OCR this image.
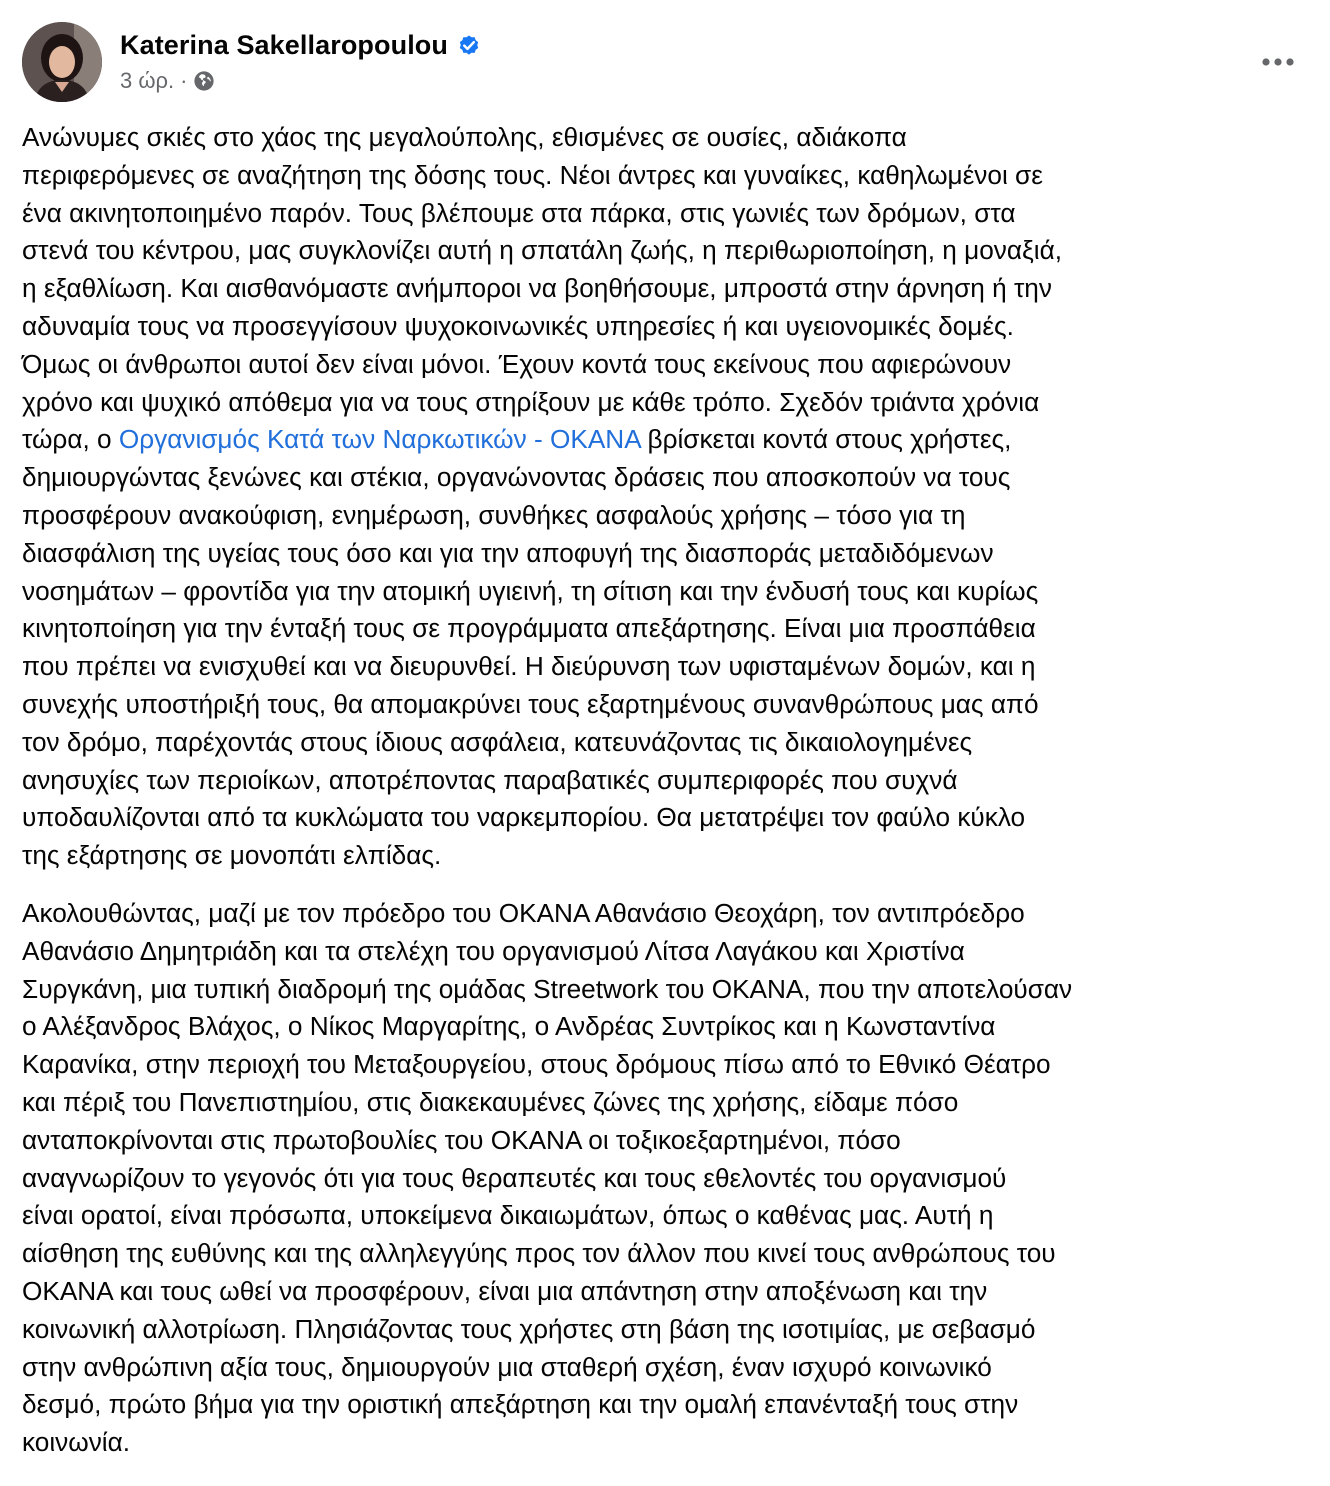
Katerina Sakellaropoulou
3 ώρ. ·
Ανώνυμες σκιές στο χάος της μεγαλούπολης, εθισμένες σε ουσίες, αδιάκοπα
περιφερόμενες σε αναζήτηση της δόσης τους. Νέοι άντρες και γυναίκες, καθηλωμένοι σε
ένα ακινητοποιημένο παρόν. Τους βλέπουμε στα πάρκα, στις γωνιές των δρόμων, στα
στενά του κέντρου, μας συγκλονίζει αυτή η σπατάλη ζωής, η περιθωριοποίηση, η μοναξιά,
η εξαθλίωση. Και αισθανόμαστε ανήμποροι να βοηθήσουμε, μπροστά στην άρνηση ή την
αδυναμία τους να προσεγγίσουν ψυχοκοινωνικές υπηρεσίες ή και υγειονομικές δομές.
Όμως οι άνθρωποι αυτοί δεν είναι μόνοι. Έχουν κοντά τους εκείνους που αφιερώνουν
χρόνο και ψυχικό απόθεμα για να τους στηρίξουν με κάθε τρόπο. Σχεδόν τριάντα χρόνια
τώρα, ο Οργανισμός Κατά των Ναρκωτικών - ΟΚΑΝΑ βρίσκεται κοντά στους χρήστες,
δημιουργώντας ξενώνες και στέκια, οργανώνοντας δράσεις που αποσκοπούν να τους
προσφέρουν ανακούφιση, ενημέρωση, συνθήκες ασφαλούς χρήσης – τόσο για τη
διασφάλιση της υγείας τους όσο και για την αποφυγή της διασποράς μεταδιδόμενων
νοσημάτων – φροντίδα για την ατομική υγιεινή, τη σίτιση και την ένδυσή τους και κυρίως
κινητοποίηση για την ένταξή τους σε προγράμματα απεξάρτησης. Είναι μια προσπάθεια
που πρέπει να ενισχυθεί και να διευρυνθεί. Η διεύρυνση των υφισταμένων δομών, και η
συνεχής υποστήριξή τους, θα απομακρύνει τους εξαρτημένους συνανθρώπους μας από
τον δρόμο, παρέχοντάς στους ίδιους ασφάλεια, κατευνάζοντας τις δικαιολογημένες
ανησυχίες των περιοίκων, αποτρέποντας παραβατικές συμπεριφορές που συχνά
υποδαυλίζονται από τα κυκλώματα του ναρκεμπορίου. Θα μετατρέψει τον φαύλο κύκλο
της εξάρτησης σε μονοπάτι ελπίδας.
Ακολουθώντας, μαζί με τον πρόεδρο του ΟΚΑΝΑ Αθανάσιο Θεοχάρη, τον αντιπρόεδρο
Αθανάσιο Δημητριάδη και τα στελέχη του οργανισμού Λίτσα Λαγάκου και Χριστίνα
Συργκάνη, μια τυπική διαδρομή της ομάδας Streetwork του ΟΚΑΝΑ, που την αποτελούσαν
ο Αλέξανδρος Βλάχος, ο Νίκος Μαργαρίτης, ο Ανδρέας Συντρίκος και η Κωνσταντίνα
Καρανίκα, στην περιοχή του Μεταξουργείου, στους δρόμους πίσω από το Εθνικό Θέατρο
και πέριξ του Πανεπιστημίου, στις διακεκαυμένες ζώνες της χρήσης, είδαμε πόσο
ανταποκρίνονται στις πρωτοβουλίες του ΟΚΑΝΑ οι τοξικοεξαρτημένοι, πόσο
αναγνωρίζουν το γεγονός ότι για τους θεραπευτές και τους εθελοντές του οργανισμού
είναι ορατοί, είναι πρόσωπα, υποκείμενα δικαιωμάτων, όπως ο καθένας μας. Αυτή η
αίσθηση της ευθύνης και της αλληλεγγύης προς τον άλλον που κινεί τους ανθρώπους του
ΟΚΑΝΑ και τους ωθεί να προσφέρουν, είναι μια απάντηση στην αποξένωση και την
κοινωνική αλλοτρίωση. Πλησιάζοντας τους χρήστες στη βάση της ισοτιμίας, με σεβασμό
στην ανθρώπινη αξία τους, δημιουργούν μια σταθερή σχέση, έναν ισχυρό κοινωνικό
δεσμό, πρώτο βήμα για την οριστική απεξάρτηση και την ομαλή επανένταξή τους στην
κοινωνία.
